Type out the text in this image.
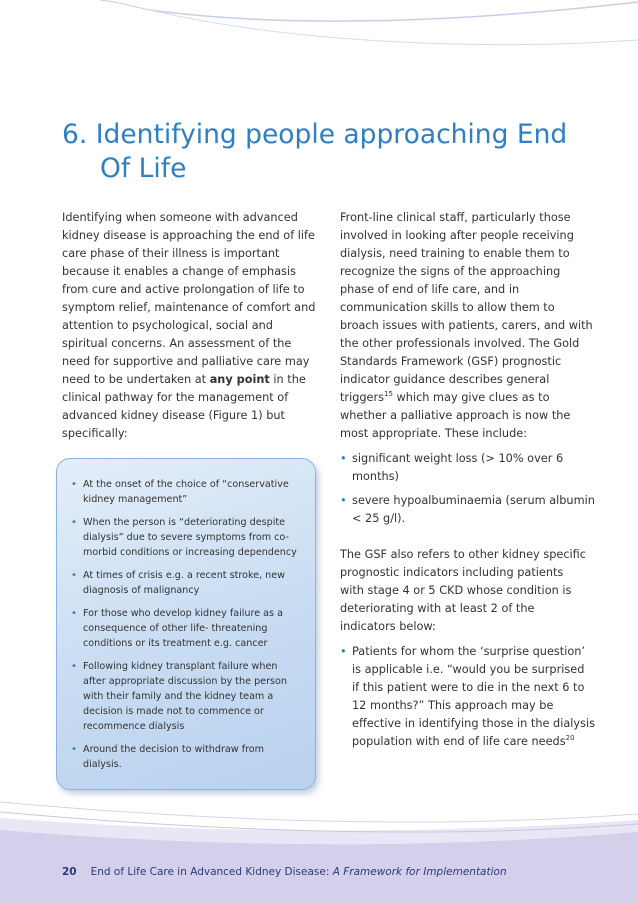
6. Identifying people approaching End
Of Life

Identifying when someone with advanced
kidney disease is approaching the end of life
care phase of their illness is important
because it enables a change of emphasis
from cure and active prolongation of life to
symptom relief, maintenance of comfort and
attention to psychological, social and
spiritual concerns. An assessment of the
need for supportive and palliative care may
need to be undertaken at any point in the
clinical pathway for the management of
advanced kidney disease (Figure 1) but
specifically:

• At the onset of the choice of “conservative
kidney management”
• When the person is “deteriorating despite
dialysis” due to severe symptoms from co-
morbid conditions or increasing dependency
• At times of crisis e.g. a recent stroke, new
diagnosis of malignancy
• For those who develop kidney failure as a
consequence of other life- threatening
conditions or its treatment e.g. cancer
• Following kidney transplant failure when
after appropriate discussion by the person
with their family and the kidney team a
decision is made not to commence or
recommence dialysis
• Around the decision to withdraw from
dialysis.

Front-line clinical staff, particularly those
involved in looking after people receiving
dialysis, need training to enable them to
recognize the signs of the approaching
phase of end of life care, and in
communication skills to allow them to
broach issues with patients, carers, and with
the other professionals involved. The Gold
Standards Framework (GSF) prognostic
indicator guidance describes general
triggers$^{15}$ which may give clues as to
whether a palliative approach is now the
most appropriate. These include:

• significant weight loss (> 10% over 6
months)
• severe hypoalbuminaemia (serum albumin
< 25 g/l).

The GSF also refers to other kidney specific
prognostic indicators including patients
with stage 4 or 5 CKD whose condition is
deteriorating with at least 2 of the
indicators below:

• Patients for whom the ‘surprise question’
is applicable i.e. “would you be surprised
if this patient were to die in the next 6 to
12 months?” This approach may be
effective in identifying those in the dialysis
population with end of life care needs$^{20}$
20 End of Life Care in Advanced Kidney Disease: A Framework for Implementation
